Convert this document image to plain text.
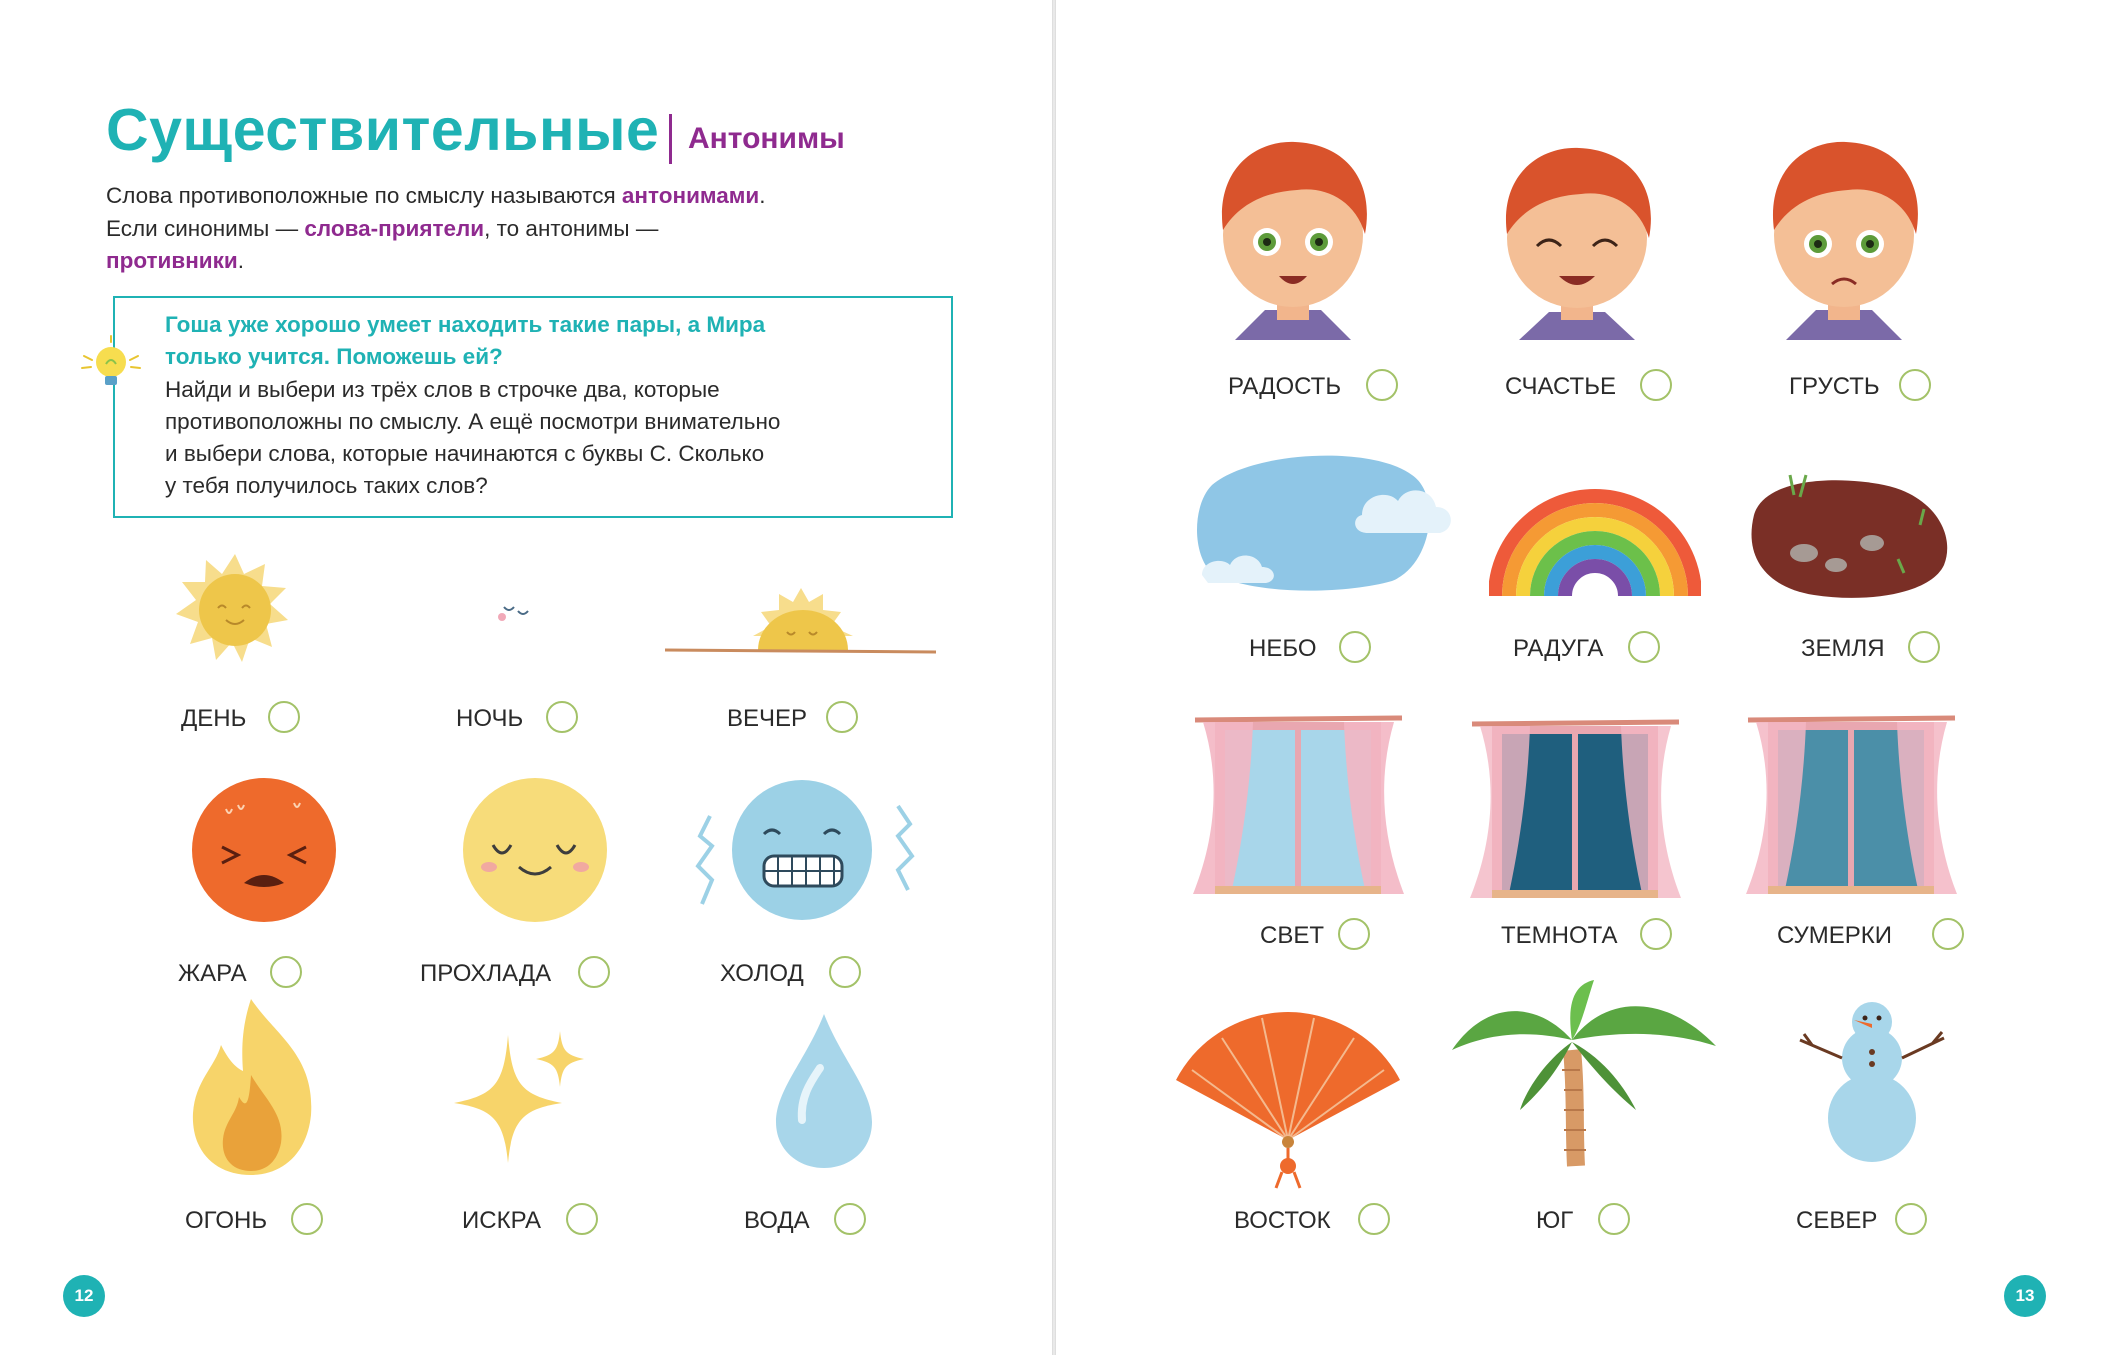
Существительные Антонимы
Слова противоположные по смыслу называются антонимами.
Если синонимы — слова-приятели, то антонимы —
противники.
Гоша уже хорошо умеет находить такие пары, а Мира
только учится. Поможешь ей?
Найди и выбери из трёх слов в строчке два, которые
противоположны по смыслу. А ещё посмотри внимательно
и выбери слова, которые начинаются с буквы С. Сколько
у тебя получилось таких слов?
ДЕНЬ	НОЧЬ	ВЕЧЕР
ЖАРА	ПРОХЛАДА	ХОЛОД
ОГОНЬ	ИСКРА	ВОДА
12
РАДОСТЬ	СЧАСТЬЕ	ГРУСТЬ
НЕБО	РАДУГА	ЗЕМЛЯ
СВЕТ	ТЕМНОТА	СУМЕРКИ
ВОСТОК	ЮГ	СЕВЕР
13
